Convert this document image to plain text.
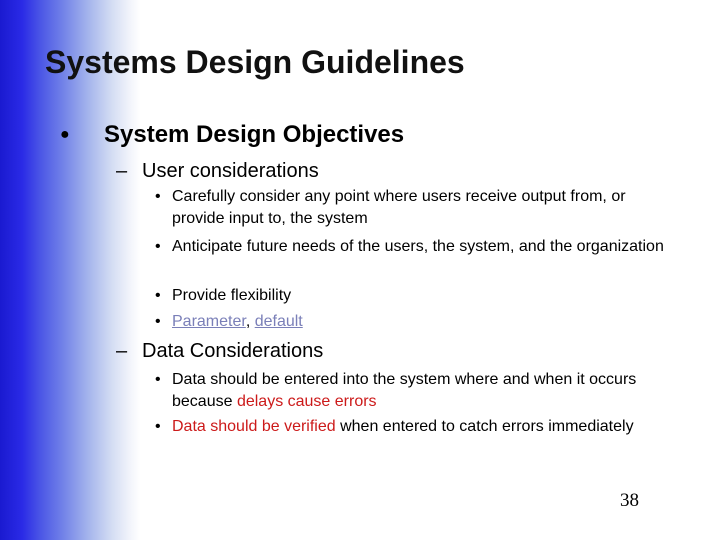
Systems Design Guidelines
● System Design Objectives
– User considerations
• Carefully consider any point where users receive output from, or provide input to, the system
• Anticipate future needs of the users, the system, and the organization
• Provide flexibility
• Parameter, default
– Data Considerations
• Data should be entered into the system where and when it occurs because delays cause errors
• Data should be verified when entered to catch errors immediately
38
